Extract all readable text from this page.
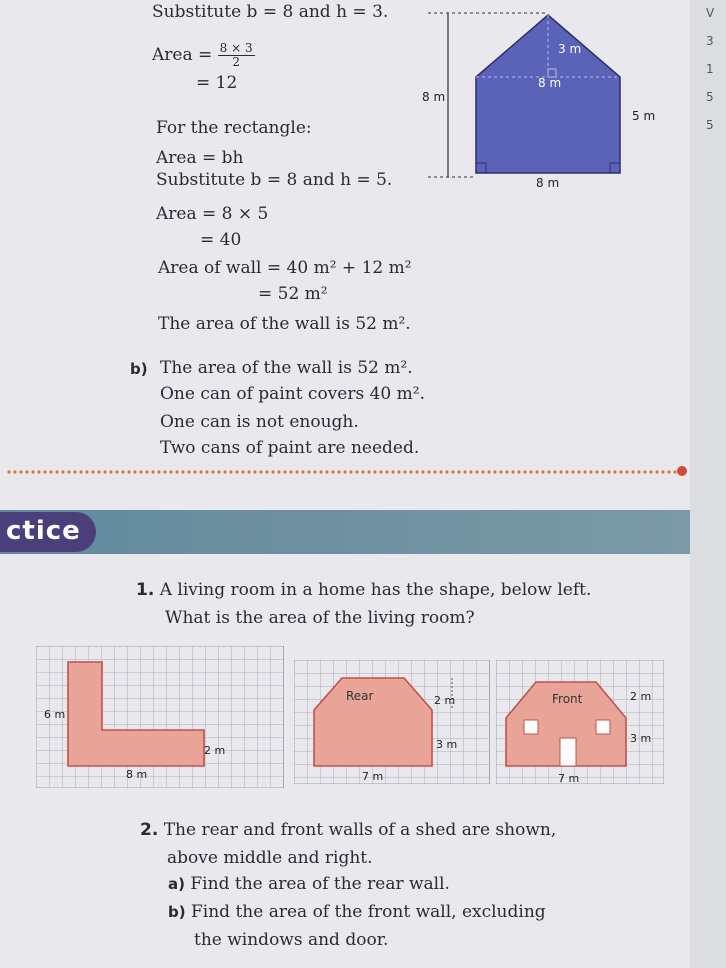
V
3
1
5
5
Substitute b = 8 and h = 3.
Area = $\frac{8 \times 3}{2}$
= 12
For the rectangle:
Area = bh
Substitute b = 8 and h = 5.
Area = 8 × 5
= 40
Area of wall = 40 m² + 12 m²
= 52 m²
The area of the wall is 52 m².
3 m
8 m
8 m
5 m
8 m
b) The area of the wall is 52 m².
One can of paint covers 40 m².
One can is not enough.
Two cans of paint are needed.
ctice
1. A living room in a home has the shape, below left.
What is the area of the living room?
6 m
2 m
8 m
Rear	2 m
3 m
7 m
Front	2 m
3 m
7 m
2. The rear and front walls of a shed are shown,
above middle and right.
a) Find the area of the rear wall.
b) Find the area of the front wall, excluding
the windows and door.
